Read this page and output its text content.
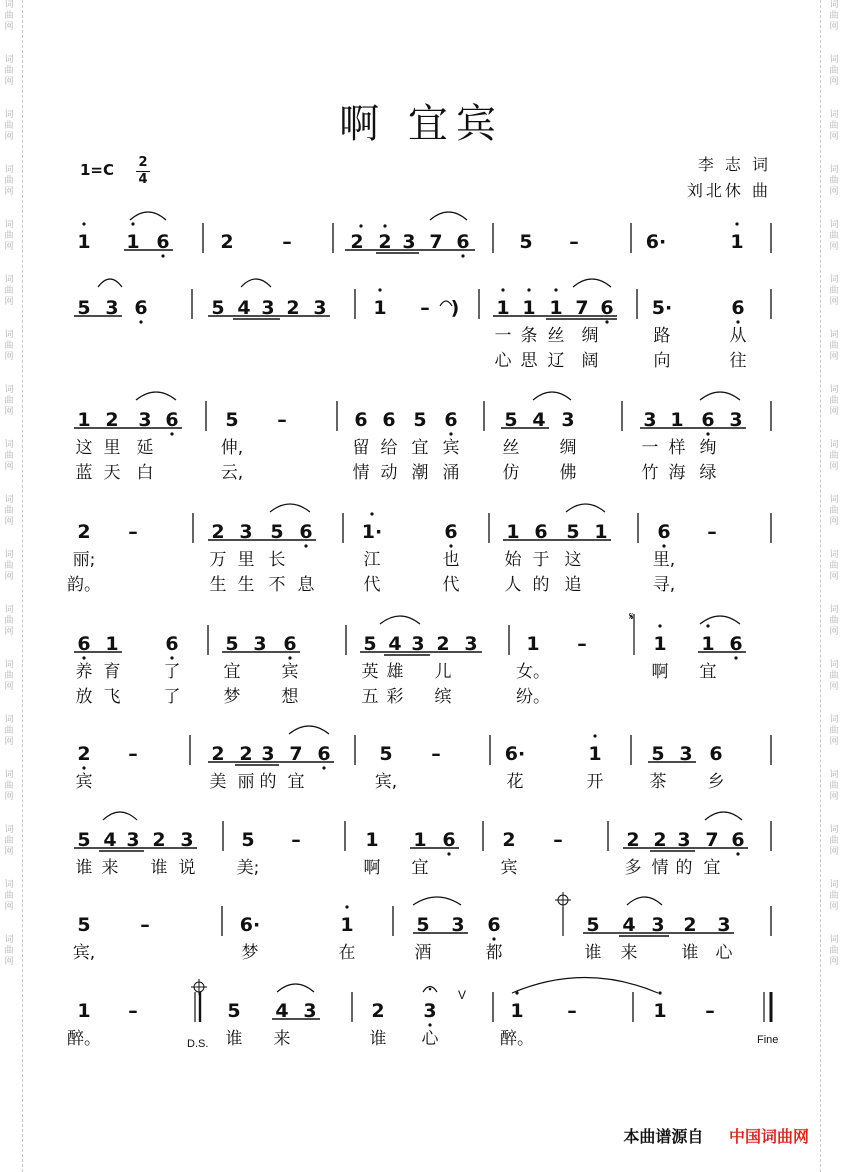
词
曲
网
词
曲
网
词
曲
网
词
曲
网
词
曲
网
词
曲
网
词
曲
网
词
曲
网
词
曲
网
词
曲
网
词
曲
网
词
曲
网
词
曲
网
词
曲
网
词
曲
网
词
曲
网
词
曲
网
词
曲
网
词
曲
网
词
曲
网
词
曲
网
词
曲
网
词
曲
网
词
曲
网
词
曲
网
词
曲
网
词
曲
网
词
曲
网
词
曲
网
词
曲
网
词
曲
网
词
曲
网
词
曲
网
词
曲
网
词
曲
网
词
曲
网
啊 宜宾
1=C 2
4
李 志 词
刘北休 曲
𝄋
1 1 6	2	–	2 2 3 7 6	5 –	6·	1
5 3 6	5 4 3 2 3 1 – ) 1 1 1 7 6 5·	6
1 2 3 6 5 –	6 6 5 6 5 4 3	3 1 6 3
2 –	2 3 5 6	1·	6	1 6 5 1	6 –
6 1 6 5 3 6	5 4 3 2 3	1 –	1 1 6
2 –	2 2 3 7 6	5 –	6·	1	5 3 6
5 4 3 2 3	5 –	1 1 6 2 –	2 2 3 7 6
5	–	6·	1	5 3 6	5 4 3 2 3
1 –	5 4 3	2 3	1 –	1 –
一 条 丝 绸	路	从
心 思 辽 阔	向	往
这 里 延	伸,	留 给 宜 宾	丝 绸	一 样 绚
蓝 天 白	云,	情 动 潮 涌	仿 佛	竹 海 绿
丽;	万 里 长	江	也	始 于 这	里,
韵。	生 生 不 息	代	代	人 的 追	寻,
养 育	了	宜 宾	英 雄 儿	女。	啊 宜
放 飞	了	梦 想	五 彩 缤	纷。
宾	美 丽 的 宜	宾,	花	开	茶 乡
谁 来 谁 说 美;	啊 宜	宾	多 情 的 宜
宾,	梦	在	酒	都	谁 来	谁 心
醉。	谁 来	谁 心	醉。
D.S.	Fine
V
本曲谱源自 中国词曲网
